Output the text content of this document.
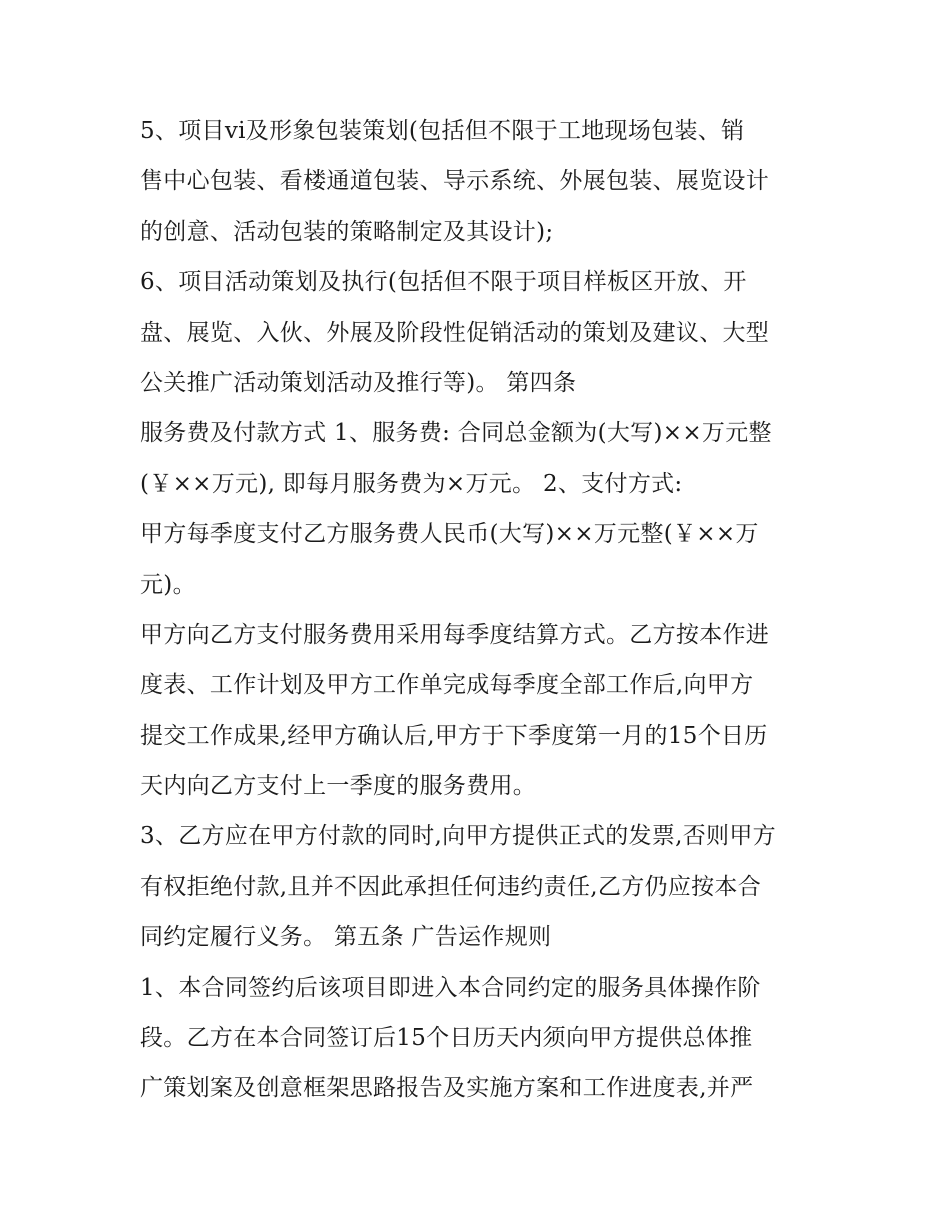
5、项目vi及形象包装策划(包括但不限于工地现场包装、销
售中心包装、看楼通道包装、导示系统、外展包装、展览设计
的创意、活动包装的策略制定及其设计);
6、项目活动策划及执行(包括但不限于项目样板区开放、开
盘、展览、入伙、外展及阶段性促销活动的策划及建议、大型
公关推广活动策划活动及推行等)。 第四条
服务费及付款方式 1、服务费: 合同总金额为(大写)××万元整
(￥××万元), 即每月服务费为×万元。 2、支付方式:
甲方每季度支付乙方服务费人民币(大写)××万元整(￥××万
元)。
甲方向乙方支付服务费用采用每季度结算方式。乙方按本作进
度表、工作计划及甲方工作单完成每季度全部工作后,向甲方
提交工作成果,经甲方确认后,甲方于下季度第一月的15个日历
天内向乙方支付上一季度的服务费用。
3、乙方应在甲方付款的同时,向甲方提供正式的发票,否则甲方
有权拒绝付款,且并不因此承担任何违约责任,乙方仍应按本合
同约定履行义务。 第五条 广告运作规则
1、本合同签约后该项目即进入本合同约定的服务具体操作阶
段。乙方在本合同签订后15个日历天内须向甲方提供总体推
广策划案及创意框架思路报告及实施方案和工作进度表,并严
